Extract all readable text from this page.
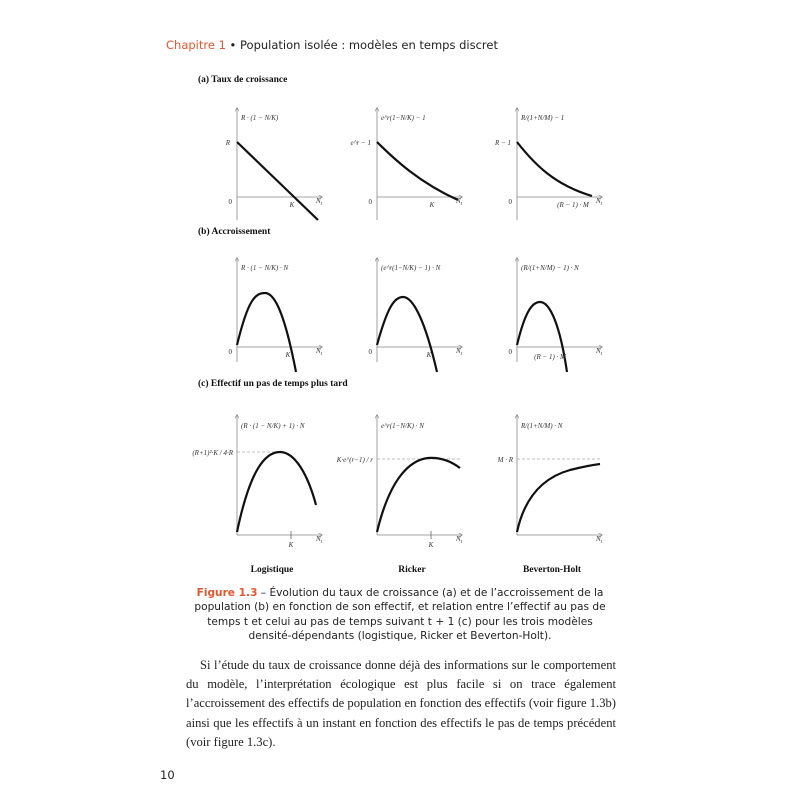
Chapitre 1 • Population isolée : modèles en temps discret
(a) Taux de croissance
(b) Accroissement
(c) Effectif un pas de temps plus tard
R · (1 − N/K)
R
0	K	$N_t$
e^r(1−N/K) − 1
e^r − 1
0	K	$N_t$
R/(1+N/M) − 1
R − 1
0	(R − 1) · M $N_t$
R · (1 − N/K) · N
0	K	$N_t$
(e^r(1−N/K) − 1) · N
0	K	$N_t$
(R/(1+N/M) − 1) · N
0
(R − 1) · M
$N_t$
(R · (1 − N/K) + 1) · N
(R+1)²·K / 4·R
K
$N_t$
e^r(1−N/K) · N
K·e^(r−1) / r
K
$N_t$
R/(1+N/M) · N
M · R
$N_t$
Logistique	Ricker	Beverton-Holt
Figure 1.3 – Évolution du taux de croissance (a) et de l’accroissement de la population (b) en fonction de son effectif, et relation entre l’effectif au pas de temps t et celui au pas de temps suivant t + 1 (c) pour les trois modèles densité-dépendants (logistique, Ricker et Beverton-Holt).
Si l’étude du taux de croissance donne déjà des informations sur le comportement du modèle, l’interprétation écologique est plus facile si on trace également l’accroissement des effectifs de population en fonction des effectifs (voir figure 1.3b) ainsi que les effectifs à un instant en fonction des effectifs le pas de temps précédent (voir figure 1.3c).
10
